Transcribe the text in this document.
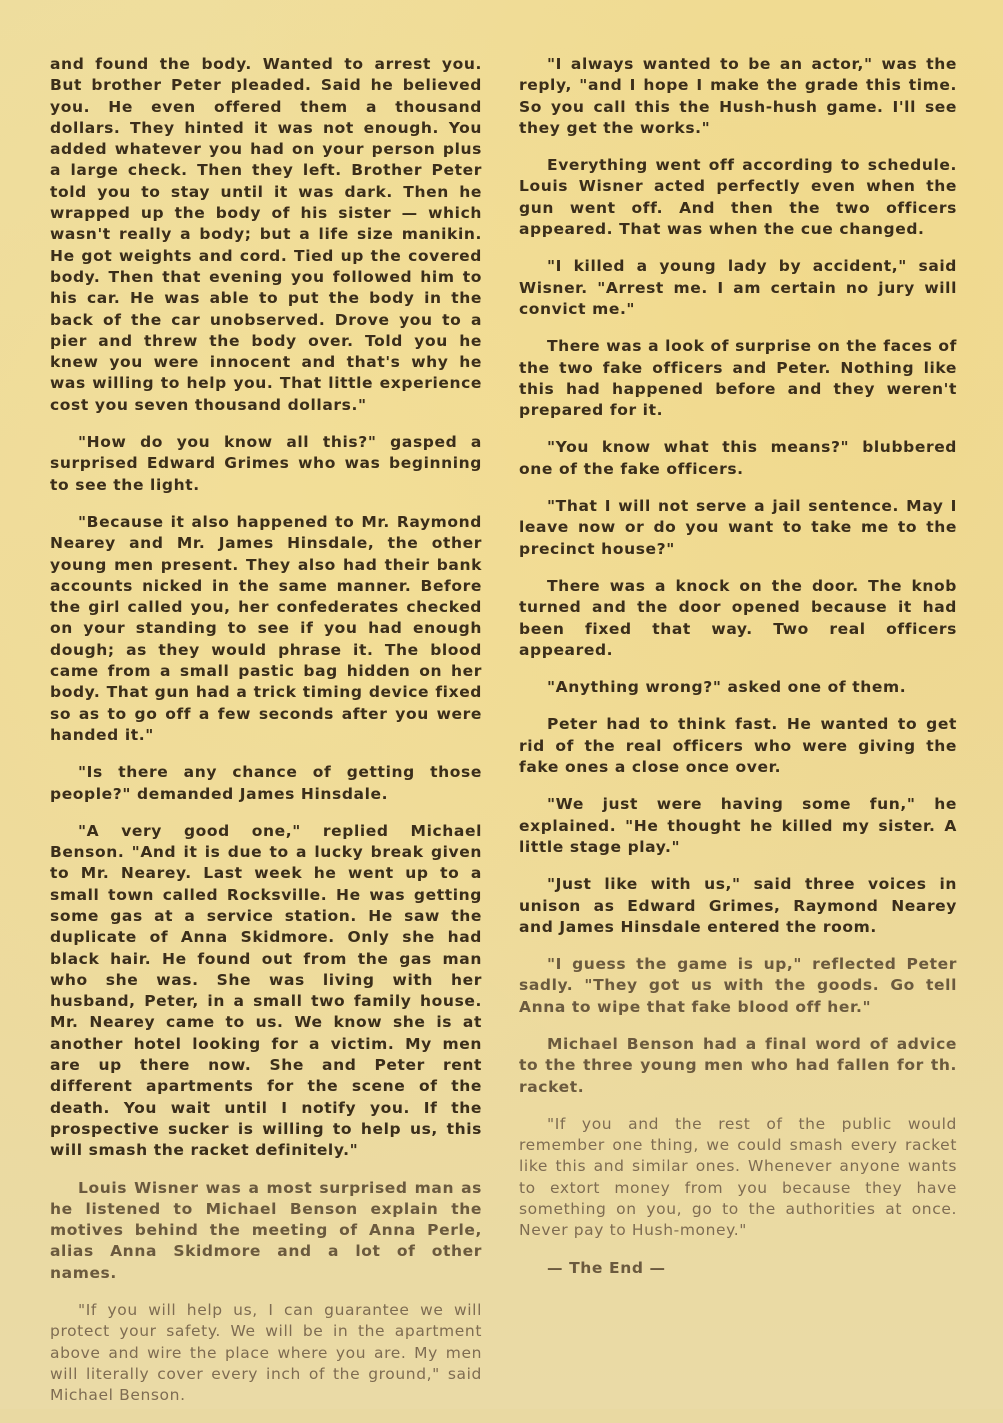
and found the body. Wanted to arrest you. But brother Peter pleaded. Said he believed you. He even offered them a thousand dollars. They hinted it was not enough. You added whatever you had on your person plus a large check. Then they left. Brother Peter told you to stay until it was dark. Then he wrapped up the body of his sister — which wasn't really a body; but a life size manikin. He got weights and cord. Tied up the covered body. Then that evening you followed him to his car. He was able to put the body in the back of the car unobserved. Drove you to a pier and threw the body over. Told you he knew you were innocent and that's why he was willing to help you. That little experience cost you seven thousand dollars."

"How do you know all this?" gasped a surprised Edward Grimes who was beginning to see the light.

"Because it also happened to Mr. Raymond Nearey and Mr. James Hinsdale, the other young men present. They also had their bank accounts nicked in the same manner. Before the girl called you, her confederates checked on your standing to see if you had enough dough; as they would phrase it. The blood came from a small pastic bag hidden on her body. That gun had a trick timing device fixed so as to go off a few seconds after you were handed it."

"Is there any chance of getting those people?" demanded James Hinsdale.

"A very good one," replied Michael Benson. "And it is due to a lucky break given to Mr. Nearey. Last week he went up to a small town called Rocksville. He was getting some gas at a service station. He saw the duplicate of Anna Skidmore. Only she had black hair. He found out from the gas man who she was. She was living with her husband, Peter, in a small two family house. Mr. Nearey came to us. We know she is at another hotel looking for a victim. My men are up there now. She and Peter rent different apartments for the scene of the death. You wait until I notify you. If the prospective sucker is willing to help us, this will smash the racket definitely."

Louis Wisner was a most surprised man as he listened to Michael Benson explain the motives behind the meeting of Anna Perle, alias Anna Skidmore and a lot of other names.

"If you will help us, I can guarantee we will protect your safety. We will be in the apartment above and wire the place where you are. My men will literally cover every inch of the ground," said Michael Benson.

"I always wanted to be an actor," was the reply, "and I hope I make the grade this time. So you call this the Hush-hush game. I'll see they get the works."

Everything went off according to schedule. Louis Wisner acted perfectly even when the gun went off. And then the two officers appeared. That was when the cue changed.

"I killed a young lady by accident," said Wisner. "Arrest me. I am certain no jury will convict me."

There was a look of surprise on the faces of the two fake officers and Peter. Nothing like this had happened before and they weren't prepared for it.

"You know what this means?" blubbered one of the fake officers.

"That I will not serve a jail sentence. May I leave now or do you want to take me to the precinct house?"

There was a knock on the door. The knob turned and the door opened because it had been fixed that way. Two real officers appeared.

"Anything wrong?" asked one of them.

Peter had to think fast. He wanted to get rid of the real officers who were giving the fake ones a close once over.

"We just were having some fun," he explained. "He thought he killed my sister. A little stage play."

"Just like with us," said three voices in unison as Edward Grimes, Raymond Nearey and James Hinsdale entered the room.

"I guess the game is up," reflected Peter sadly. "They got us with the goods. Go tell Anna to wipe that fake blood off her."

Michael Benson had a final word of advice to the three young men who had fallen for th. racket.

"If you and the rest of the public would remember one thing, we could smash every racket like this and similar ones. Whenever anyone wants to extort money from you because they have something on you, go to the authorities at once. Never pay to Hush-money."

— The End —
